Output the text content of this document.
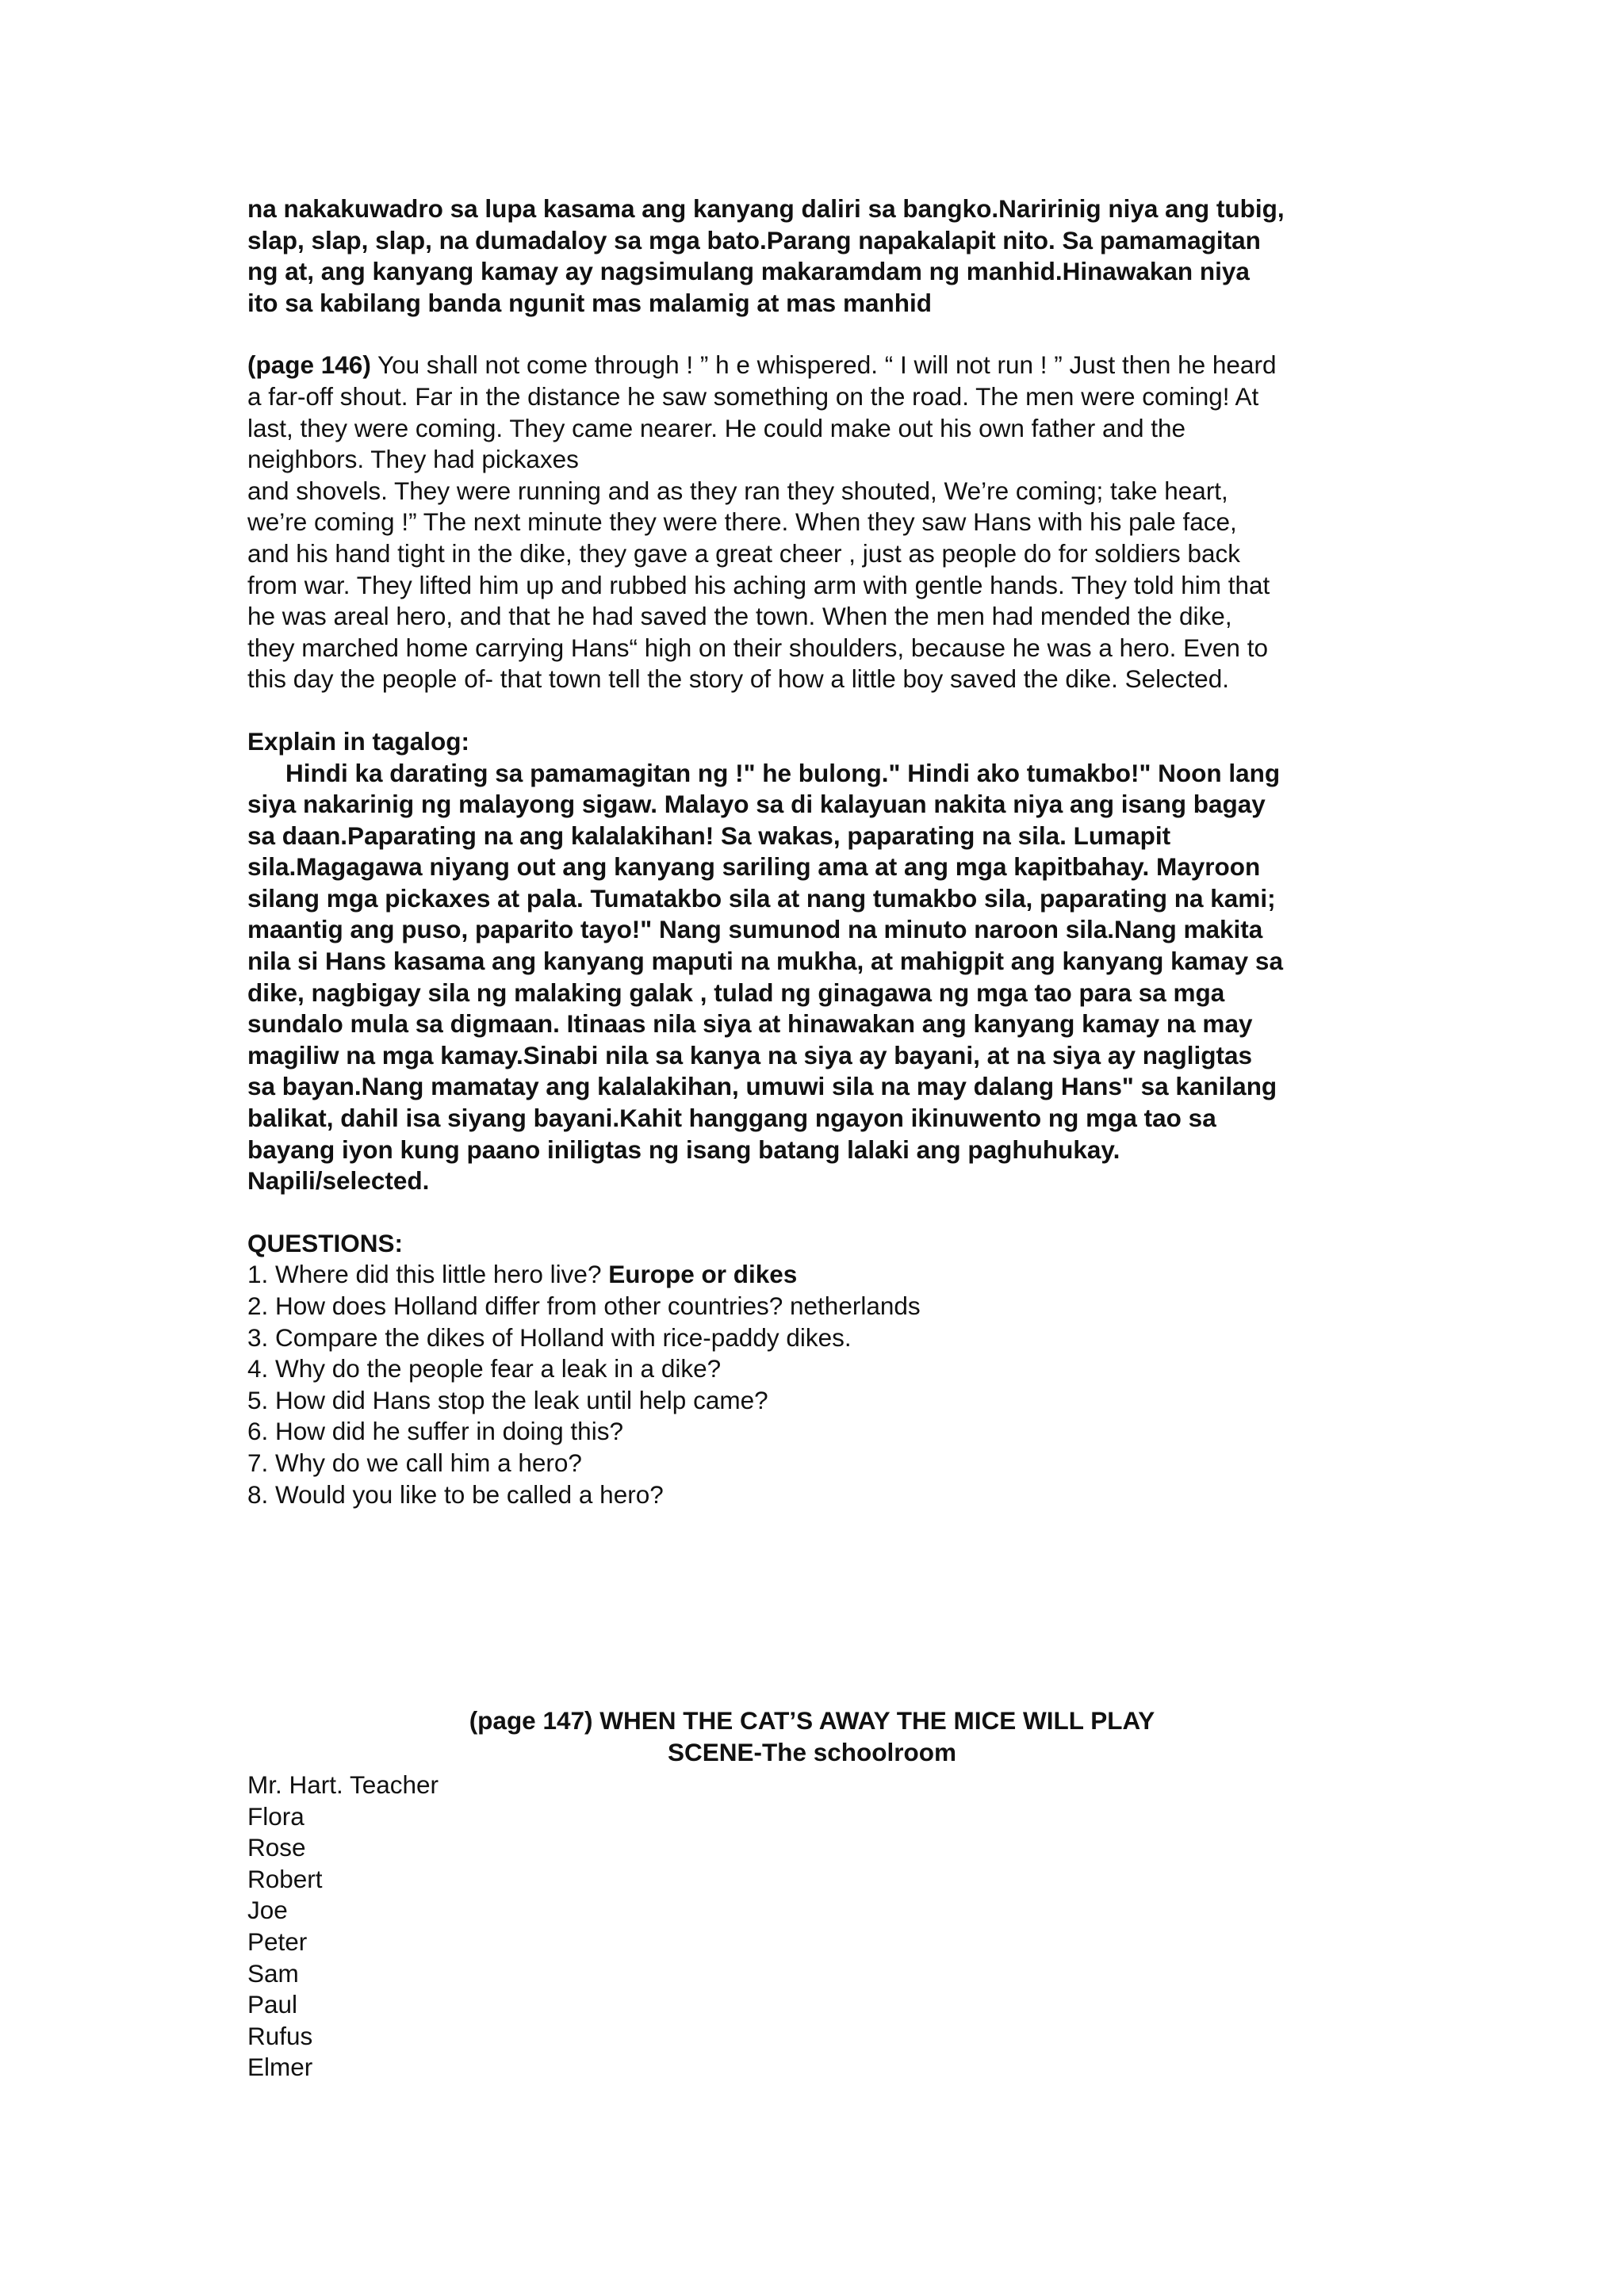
na nakakuwadro sa lupa kasama ang kanyang daliri sa bangko.Naririnig niya ang tubig,
slap, slap, slap, na dumadaloy sa mga bato.Parang napakalapit nito. Sa pamamagitan
ng at, ang kanyang kamay ay nagsimulang makaramdam ng manhid.Hinawakan niya
ito sa kabilang banda ngunit mas malamig at mas manhid
(page 146) You shall not come through ! ” h e whispered. “ I will not run ! ” Just then he heard
a far-off shout. Far in the distance he saw something on the road. The men were coming! At
last, they were coming. They came nearer. He could make out his own father and the
neighbors. They had pickaxes
and shovels. They were running and as they ran they shouted, We’re coming; take heart,
we’re coming !” The next minute they were there. When they saw Hans with his pale face,
and his hand tight in the dike, they gave a great cheer , just as people do for soldiers back
from war. They lifted him up and rubbed his aching arm with gentle hands. They told him that
he was areal hero, and that he had saved the town. When the men had mended the dike,
they marched home carrying Hans“ high on their shoulders, because he was a hero. Even to
this day the people of- that town tell the story of how a little boy saved the dike. Selected.
Explain in tagalog:
Hindi ka darating sa pamamagitan ng !" he bulong." Hindi ako tumakbo!" Noon lang
siya nakarinig ng malayong sigaw. Malayo sa di kalayuan nakita niya ang isang bagay
sa daan.Paparating na ang kalalakihan! Sa wakas, paparating na sila. Lumapit
sila.Magagawa niyang out ang kanyang sariling ama at ang mga kapitbahay. Mayroon
silang mga pickaxes at pala. Tumatakbo sila at nang tumakbo sila, paparating na kami;
maantig ang puso, paparito tayo!" Nang sumunod na minuto naroon sila.Nang makita
nila si Hans kasama ang kanyang maputi na mukha, at mahigpit ang kanyang kamay sa
dike, nagbigay sila ng malaking galak , tulad ng ginagawa ng mga tao para sa mga
sundalo mula sa digmaan. Itinaas nila siya at hinawakan ang kanyang kamay na may
magiliw na mga kamay.Sinabi nila sa kanya na siya ay bayani, at na siya ay nagligtas
sa bayan.Nang mamatay ang kalalakihan, umuwi sila na may dalang Hans" sa kanilang
balikat, dahil isa siyang bayani.Kahit hanggang ngayon ikinuwento ng mga tao sa
bayang iyon kung paano iniligtas ng isang batang lalaki ang paghuhukay.
Napili/selected.
QUESTIONS:
1. Where did this little hero live? Europe or dikes
2. How does Holland differ from other countries? netherlands
3. Compare the dikes of Holland with rice-paddy dikes.
4. Why do the people fear a leak in a dike?
5. How did Hans stop the leak until help came?
6. How did he suffer in doing this?
7. Why do we call him a hero?
8. Would you like to be called a hero?
(page 147) WHEN THE CAT’S AWAY THE MICE WILL PLAY
SCENE-The schoolroom
Mr. Hart. Teacher
Flora
Rose
Robert
Joe
Peter
Sam
Paul
Rufus
Elmer
